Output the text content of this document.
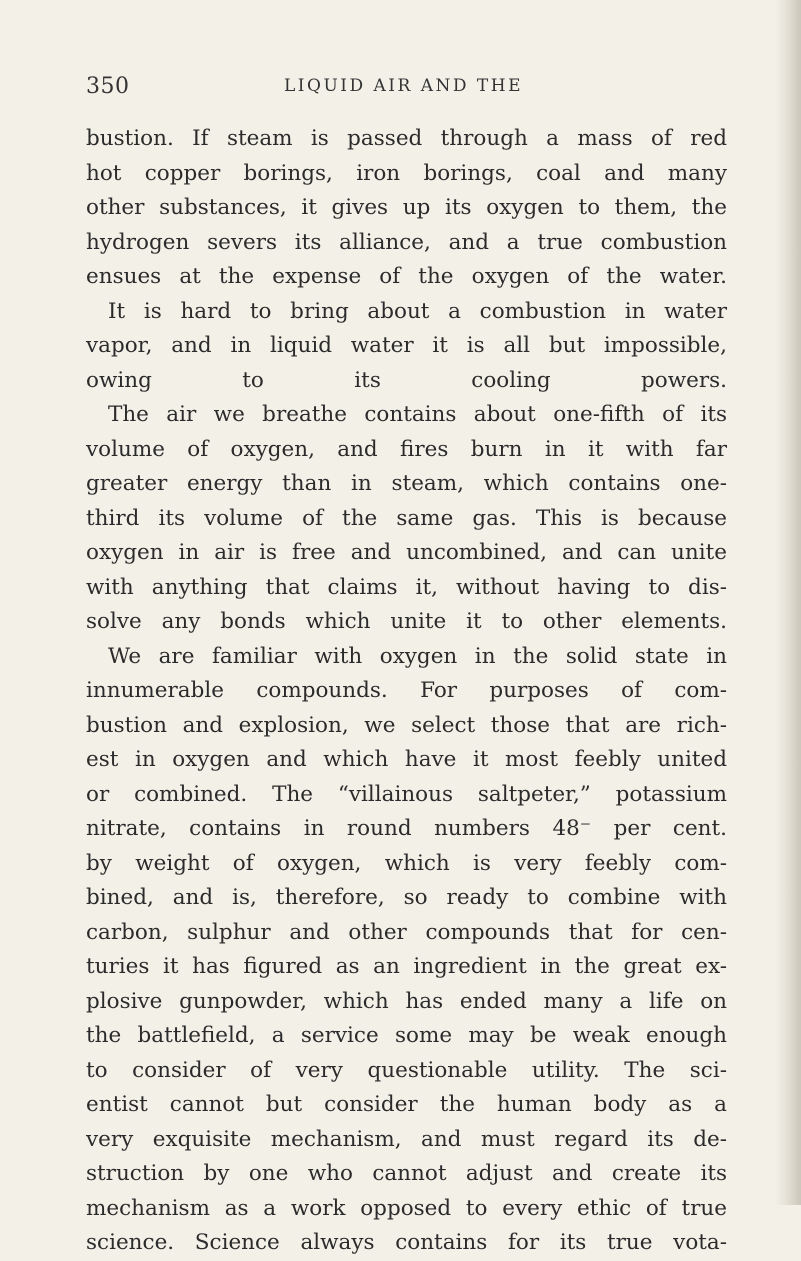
350	LIQUID AIR AND THE
bustion. If steam is passed through a mass of red
hot copper borings, iron borings, coal and many
other substances, it gives up its oxygen to them, the
hydrogen severs its alliance, and a true combustion
ensues at the expense of the oxygen of the water.
It is hard to bring about a combustion in water
vapor, and in liquid water it is all but impossible,
owing to its cooling powers.
The air we breathe contains about one-fifth of its
volume of oxygen, and fires burn in it with far
greater energy than in steam, which contains one-
third its volume of the same gas. This is because
oxygen in air is free and uncombined, and can unite
with anything that claims it, without having to dis-
solve any bonds which unite it to other elements.
We are familiar with oxygen in the solid state in
innumerable compounds. For purposes of com-
bustion and explosion, we select those that are rich-
est in oxygen and which have it most feebly united
or combined. The “villainous saltpeter,” potassium
nitrate, contains in round numbers 48⁻ per cent.
by weight of oxygen, which is very feebly com-
bined, and is, therefore, so ready to combine with
carbon, sulphur and other compounds that for cen-
turies it has figured as an ingredient in the great ex-
plosive gunpowder, which has ended many a life on
the battlefield, a service some may be weak enough
to consider of very questionable utility. The sci-
entist cannot but consider the human body as a
very exquisite mechanism, and must regard its de-
struction by one who cannot adjust and create its
mechanism as a work opposed to every ethic of true
science. Science always contains for its true vota-
